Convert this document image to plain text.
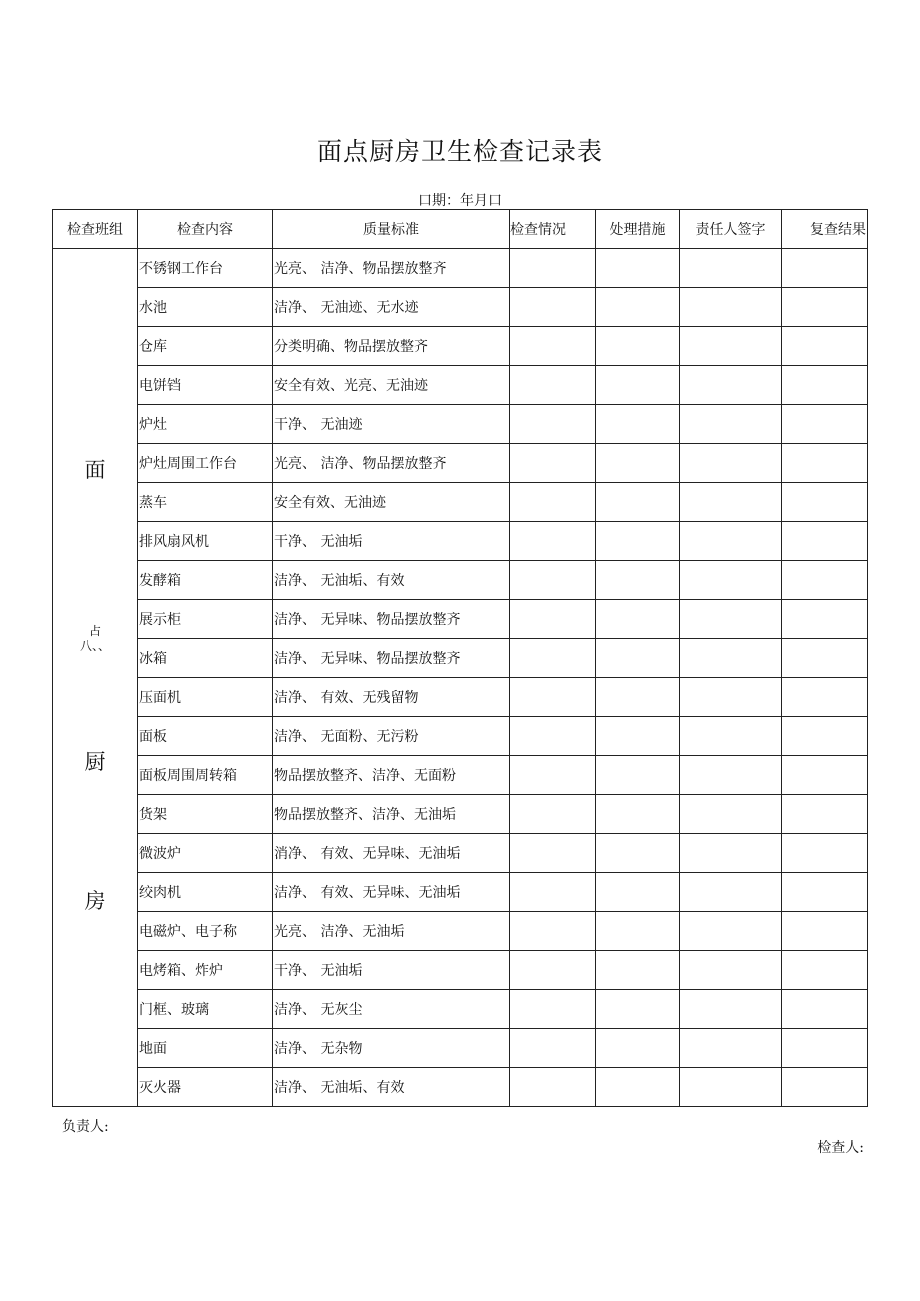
面点厨房卫生检查记录表
口期：年月口
检查班组	检查内容	质量标准	检查情况	处理措施	责任人签字	复查结果

面
占
八、、
厨
房	不锈钢工作台	光亮、 洁净、物品摆放整齐				
	水池	洁净、 无油迹、无水迹				
	仓库	分类明确、物品摆放整齐				
	电饼铛	安全有效、光亮、无油迹				
	炉灶	干净、 无油迹				
	炉灶周围工作台	光亮、 洁净、物品摆放整齐				
	蒸车	安全有效、无油迹				
	排风扇风机	干净、 无油垢				
	发酵箱	洁净、 无油垢、有效				
	展示柜	洁净、 无异味、物品摆放整齐				
	冰箱	洁净、 无异味、物品摆放整齐				
	压面机	洁净、 有效、无残留物				
	面板	洁净、 无面粉、无污粉				
	面板周围周转箱	物品摆放整齐、洁净、无面粉				
	货架	物品摆放整齐、洁净、无油垢				
	微波炉	消净、 有效、无异味、无油垢				
	绞肉机	洁净、 有效、无异味、无油垢				
	电磁炉、电子称	光亮、 洁净、无油垢				
	电烤箱、炸炉	干净、 无油垢				
	门框、玻璃	洁净、 无灰尘				
	地面	洁净、 无杂物				
	灭火器	洁净、 无油垢、有效				
负责人:
检查人:
